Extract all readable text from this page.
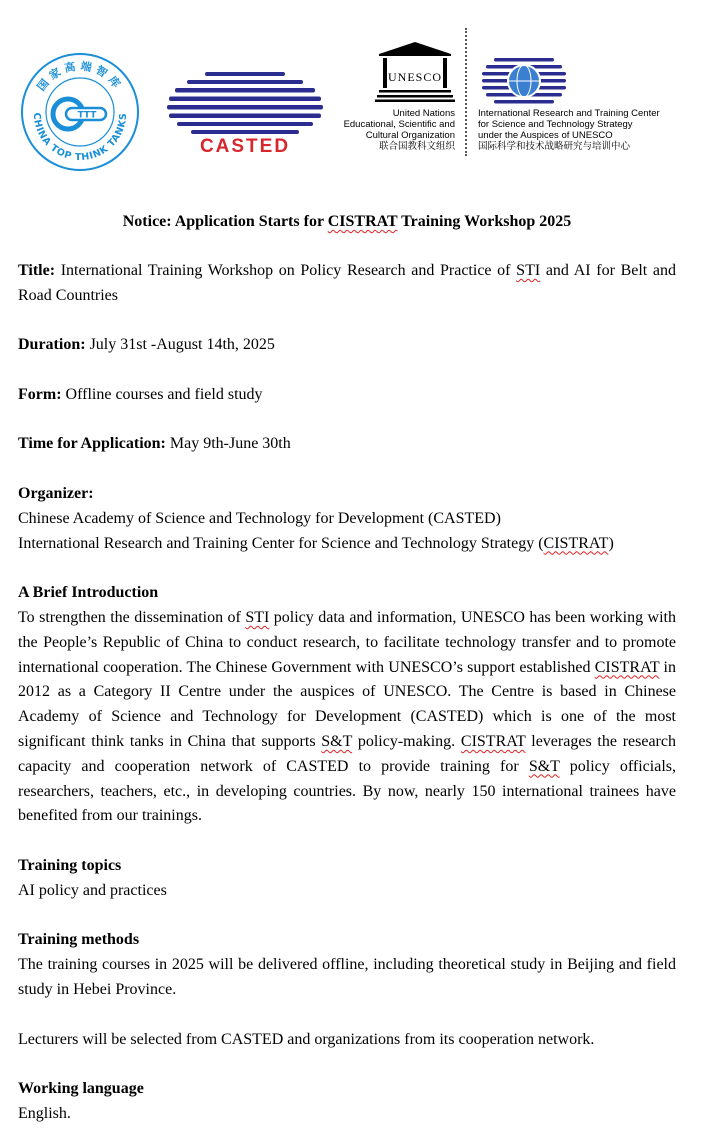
国家高端智库
CHINA TOP THINK TANKS
TTT
CASTED
UNESCO
United Nations
Educational, Scientific and
Cultural Organization
联合国教科文组织
International Research and Training Center
for Science and Technology Strategy
under the Auspices of UNESCO
国际科学和技术战略研究与培训中心

Notice: Application Starts for CISTRAT Training Workshop 2025

Title: International Training Workshop on Policy Research and Practice of STI and AI for Belt and Road Countries

Duration: July 31st -August 14th, 2025

Form: Offline courses and field study

Time for Application: May 9th-June 30th

Organizer:

Chinese Academy of Science and Technology for Development (CASTED)

International Research and Training Center for Science and Technology Strategy (CISTRAT)

A Brief Introduction

To strengthen the dissemination of STI policy data and information, UNESCO has been working with the People’s Republic of China to conduct research, to facilitate technology transfer and to promote international cooperation. The Chinese Government with UNESCO’s support established CISTRAT in 2012 as a Category II Centre under the auspices of UNESCO. The Centre is based in Chinese Academy of Science and Technology for Development (CASTED) which is one of the most significant think tanks in China that supports S&T policy-making. CISTRAT leverages the research capacity and cooperation network of CASTED to provide training for S&T policy officials, researchers, teachers, etc., in developing countries. By now, nearly 150 international trainees have benefited from our trainings.

Training topics

AI policy and practices

Training methods

The training courses in 2025 will be delivered offline, including theoretical study in Beijing and field study in Hebei Province.

Lecturers will be selected from CASTED and organizations from its cooperation network.

Working language

English.
